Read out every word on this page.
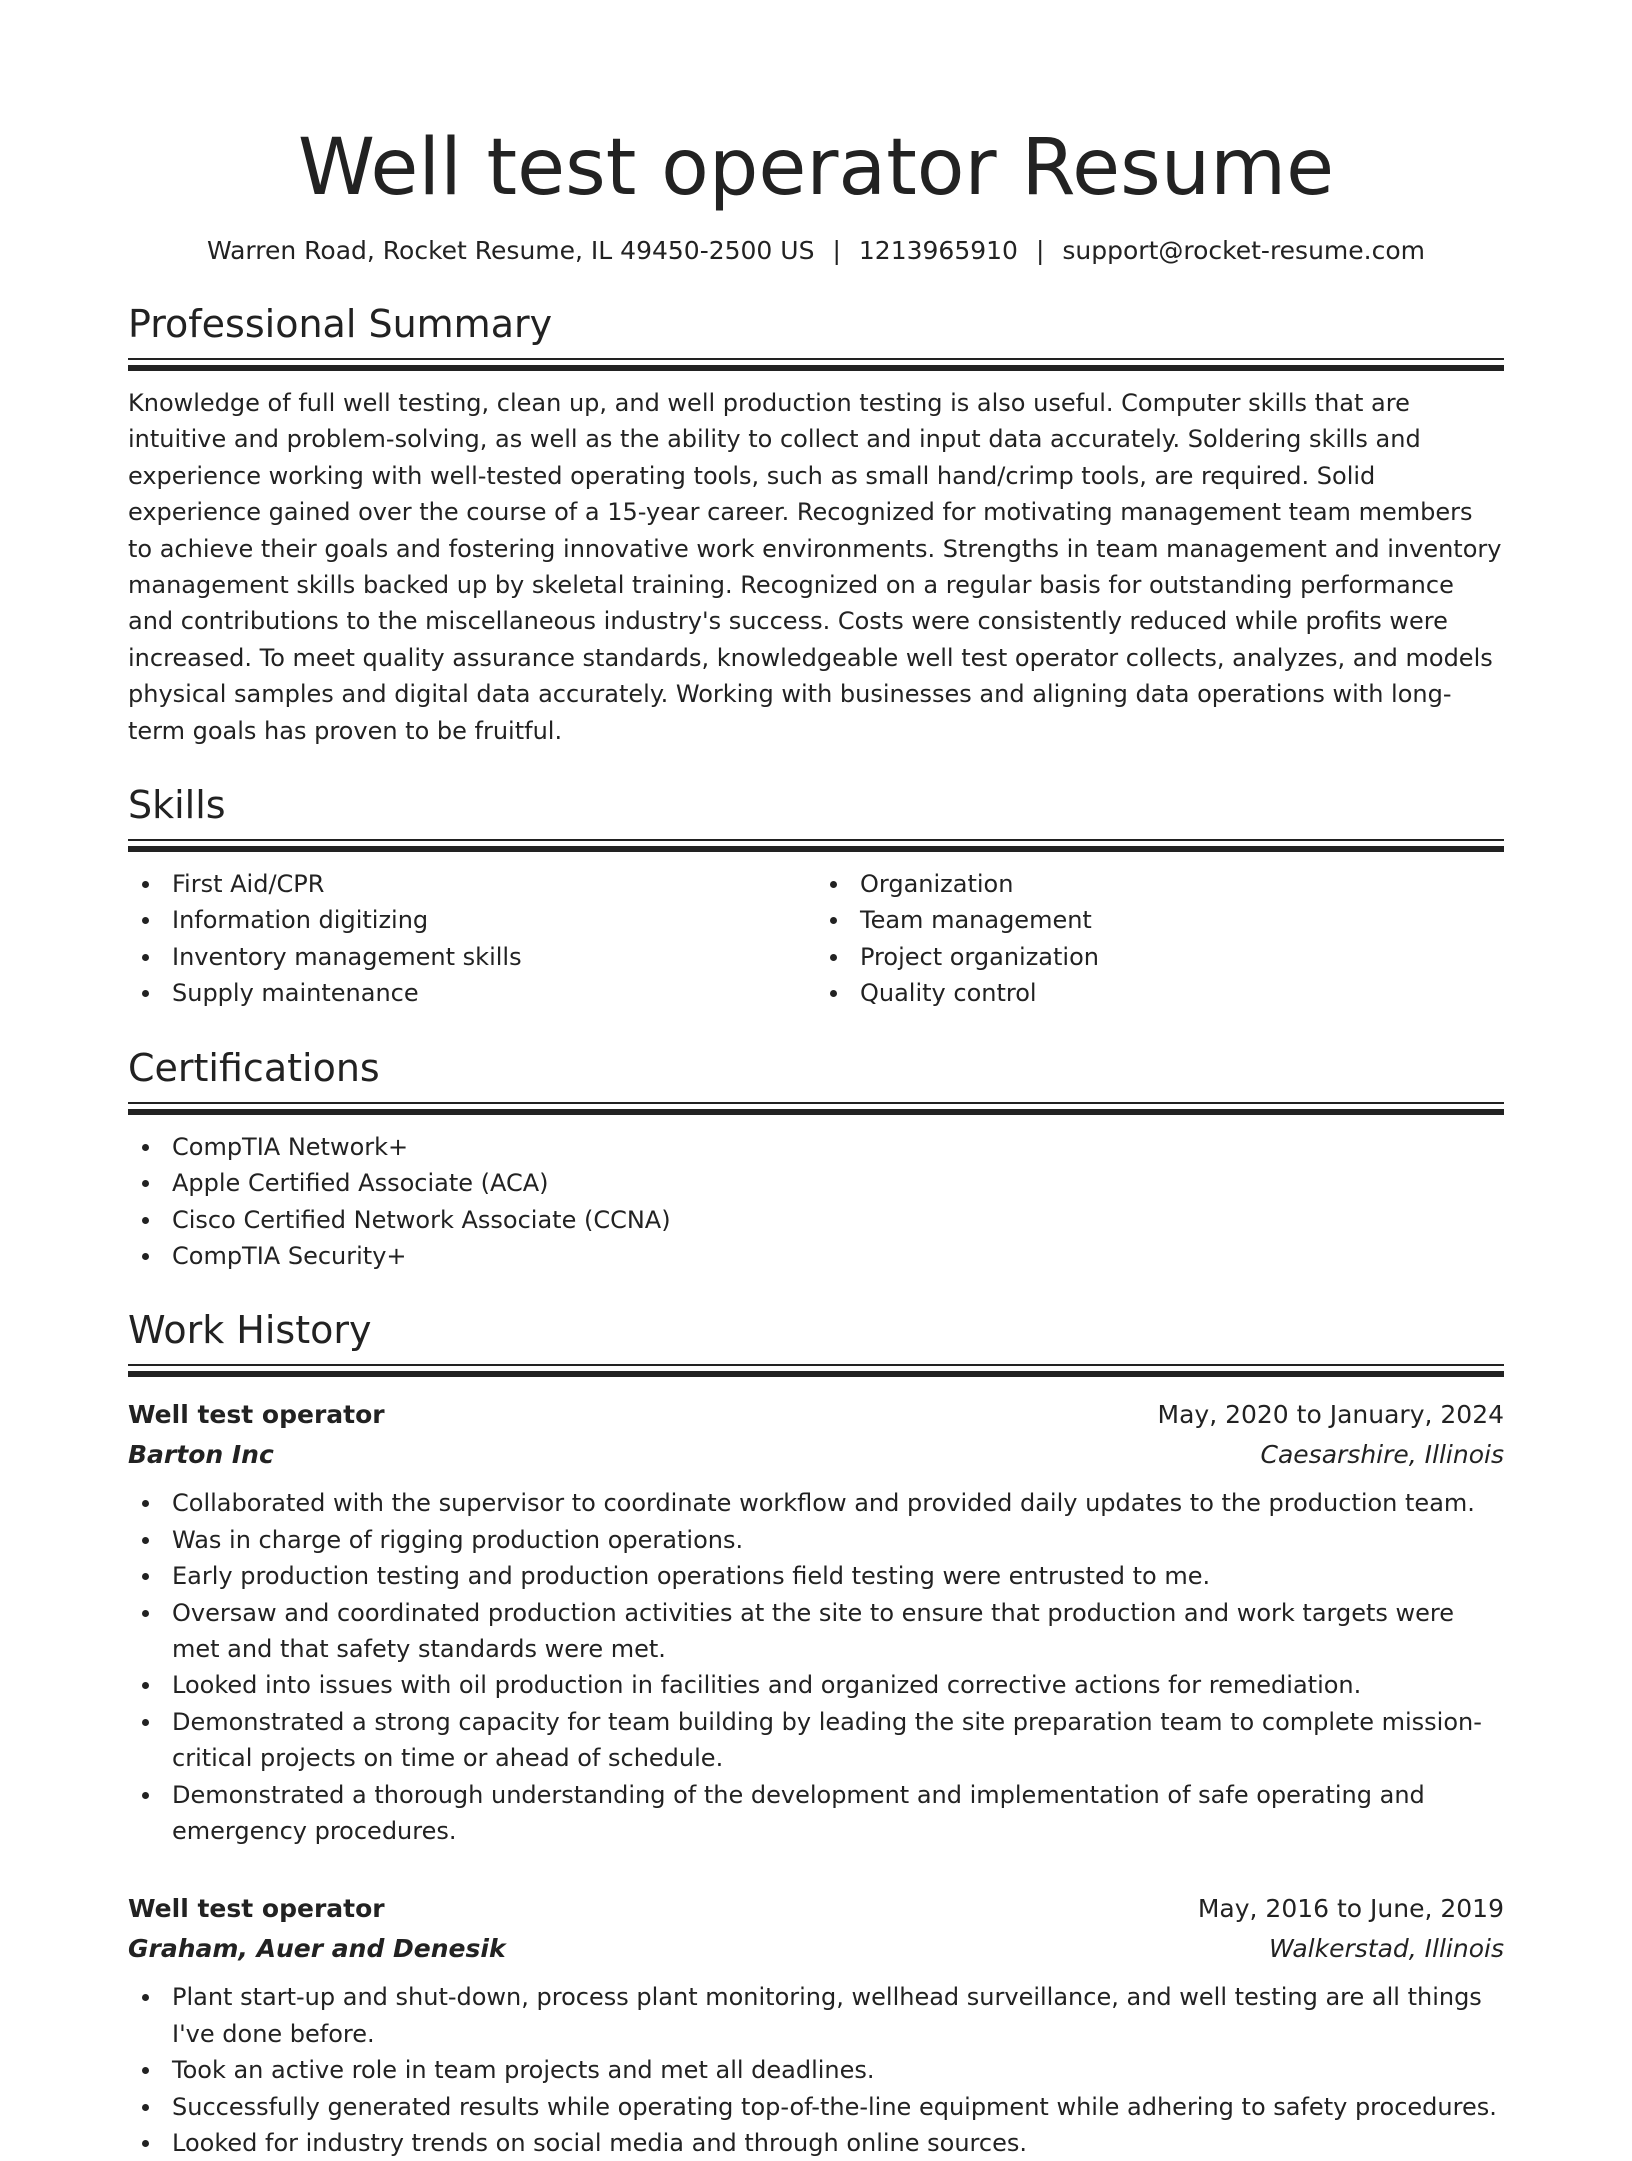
Well test operator Resume
Warren Road, Rocket Resume, IL 49450-2500 US | 1213965910 | support@rocket-resume.com
Professional Summary
Knowledge of full well testing, clean up, and well production testing is also useful. Computer skills that are intuitive and problem-solving, as well as the ability to collect and input data accurately. Soldering skills and experience working with well-tested operating tools, such as small hand/crimp tools, are required. Solid experience gained over the course of a 15-year career. Recognized for motivating management team members to achieve their goals and fostering innovative work environments. Strengths in team management and inventory management skills backed up by skeletal training. Recognized on a regular basis for outstanding performance and contributions to the miscellaneous industry's success. Costs were consistently reduced while profits were increased. To meet quality assurance standards, knowledgeable well test operator collects, analyzes, and models physical samples and digital data accurately. Working with businesses and aligning data operations with long-term goals has proven to be fruitful.
Skills
First Aid/CPR
Information digitizing
Inventory management skills
Supply maintenance
Organization
Team management
Project organization
Quality control
Certifications
CompTIA Network+
Apple Certified Associate (ACA)
Cisco Certified Network Associate (CCNA)
CompTIA Security+
Work History
Well test operator	May, 2020 to January, 2024
Barton Inc	Caesarshire, Illinois
Collaborated with the supervisor to coordinate workflow and provided daily updates to the production team.
Was in charge of rigging production operations.
Early production testing and production operations field testing were entrusted to me.
Oversaw and coordinated production activities at the site to ensure that production and work targets were met and that safety standards were met.
Looked into issues with oil production in facilities and organized corrective actions for remediation.
Demonstrated a strong capacity for team building by leading the site preparation team to complete mission-critical projects on time or ahead of schedule.
Demonstrated a thorough understanding of the development and implementation of safe operating and emergency procedures.
Well test operator	May, 2016 to June, 2019
Graham, Auer and Denesik	Walkerstad, Illinois
Plant start-up and shut-down, process plant monitoring, wellhead surveillance, and well testing are all things I've done before.
Took an active role in team projects and met all deadlines.
Successfully generated results while operating top-of-the-line equipment while adhering to safety procedures.
Looked for industry trends on social media and through online sources.
